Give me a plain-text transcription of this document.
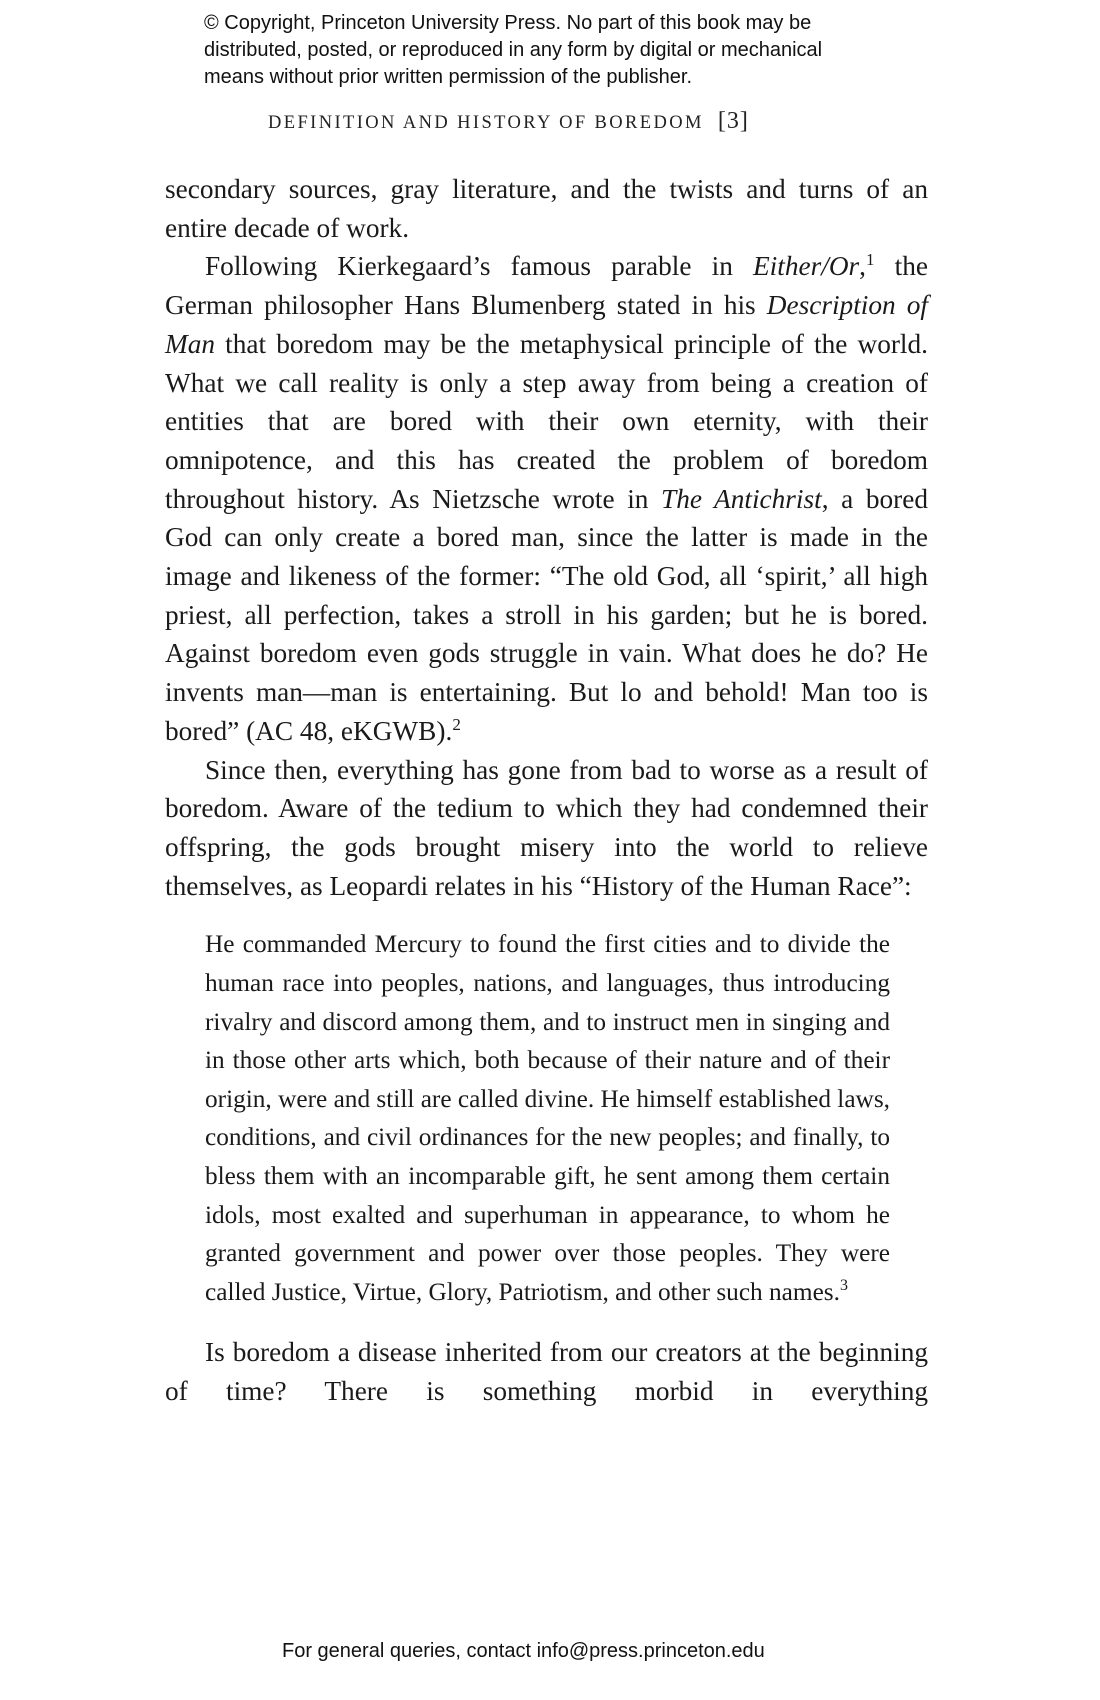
© Copyright, Princeton University Press. No part of this book may be
distributed, posted, or reproduced in any form by digital or mechanical
means without prior written permission of the publisher.
DEFINITION AND HISTORY OF BOREDOM [3]

secondary sources, gray literature, and the twists and turns of an entire decade of work.

Following Kierkegaard’s famous parable in Either/Or,$^1$ the German philosopher Hans Blumenberg stated in his Description of Man that boredom may be the metaphysical principle of the world. What we call reality is only a step away from being a creation of entities that are bored with their own eternity, with their omnipotence, and this has created the problem of boredom throughout history. As Nietzsche wrote in The Antichrist, a bored God can only create a bored man, since the latter is made in the image and likeness of the former: “The old God, all ‘spirit,’ all high priest, all perfection, takes a stroll in his garden; but he is bored. Against boredom even gods struggle in vain. What does he do? He invents man—man is entertaining. But lo and behold! Man too is bored” (AC 48, eKGWB).$^2$

Since then, everything has gone from bad to worse as a result of boredom. Aware of the tedium to which they had condemned their offspring, the gods brought misery into the world to relieve themselves, as Leopardi relates in his “History of the Human Race”:

He commanded Mercury to found the first cities and to divide the human race into peoples, nations, and languages, thus introducing rivalry and discord among them, and to instruct men in singing and in those other arts which, both because of their nature and of their origin, were and still are called divine. He himself established laws, conditions, and civil ordinances for the new peoples; and finally, to bless them with an incomparable gift, he sent among them certain idols, most exalted and superhuman in appearance, to whom he granted government and power over those peoples. They were called Justice, Virtue, Glory, Patriotism, and other such names.$^3$

Is boredom a disease inherited from our creators at the beginning of time? There is something morbid in everything

For general queries, contact info@press.princeton.edu
